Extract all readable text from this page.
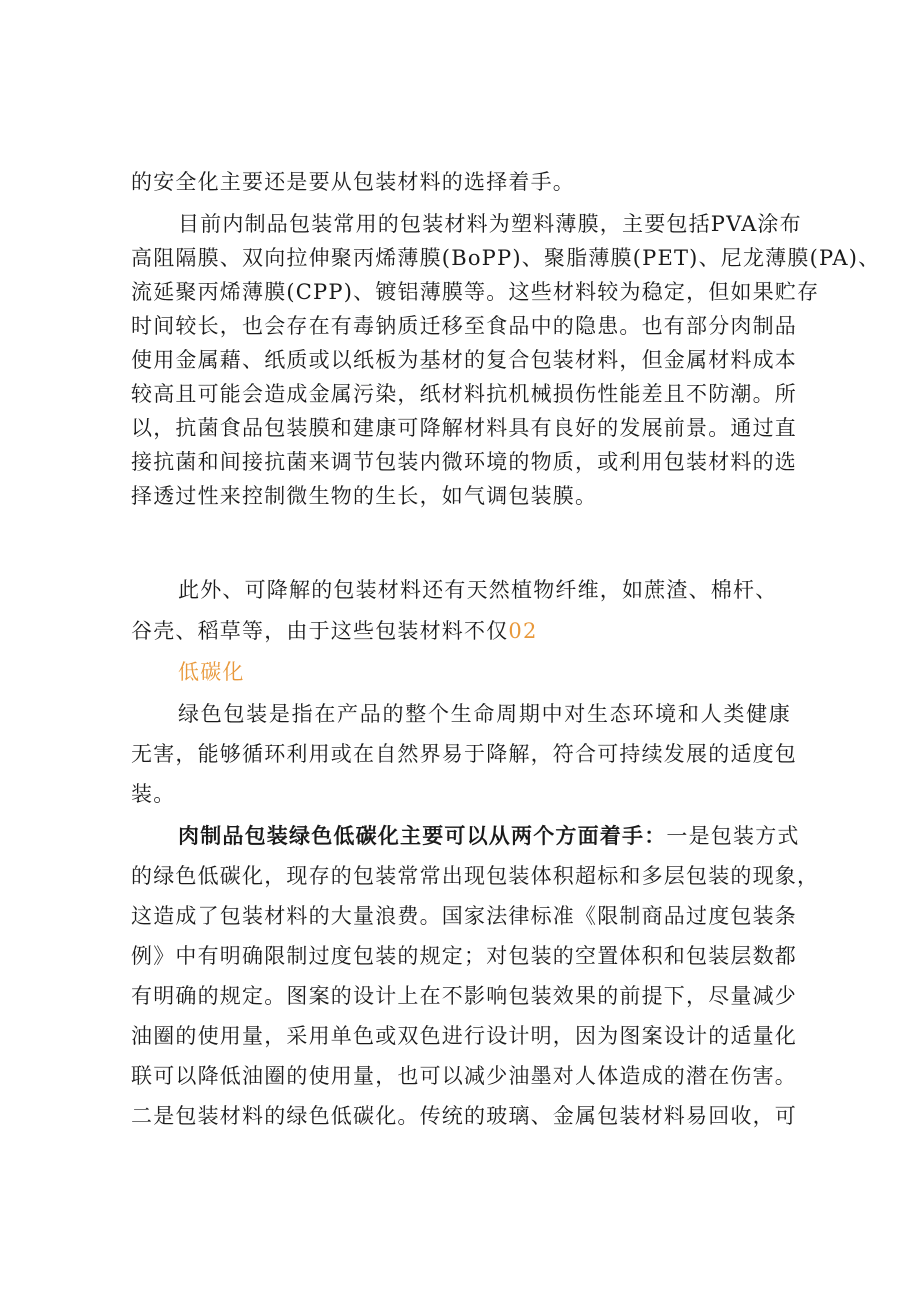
的安全化主要还是要从包装材料的选择着手。
目前内制品包装常用的包装材料为塑料薄膜，主要包括PVA涂布
高阻隔膜、双向拉伸聚丙烯薄膜(BoPP)、聚脂薄膜(PET)、尼龙薄膜(PA)、
流延聚丙烯薄膜(CPP)、镀铝薄膜等。这些材料较为稳定，但如果贮存
时间较长，也会存在有毒钠质迁移至食品中的隐患。也有部分肉制品
使用金属藉、纸质或以纸板为基材的复合包装材料，但金属材料成本
较高且可能会造成金属污染，纸材料抗机械损伤性能差且不防潮。所
以，抗菌食品包装膜和建康可降解材料具有良好的发展前景。通过直
接抗菌和间接抗菌来调节包装内微环境的物质，或利用包装材料的选
择透过性来控制微生物的生长，如气调包装膜。
此外、可降解的包装材料还有天然植物纤维，如蔗渣、棉杆、
谷壳、稻草等，由于这些包装材料不仅02
低碳化
绿色包装是指在产品的整个生命周期中对生态环境和人类健康
无害，能够循环利用或在自然界易于降解，符合可持续发展的适度包
装。
肉制品包装绿色低碳化主要可以从两个方面着手：一是包装方式
的绿色低碳化，现存的包装常常出现包装体积超标和多层包装的现象，
这造成了包装材料的大量浪费。国家法律标准《限制商品过度包装条
例》中有明确限制过度包装的规定；对包装的空置体积和包装层数都
有明确的规定。图案的设计上在不影响包装效果的前提下，尽量减少
油圈的使用量，采用单色或双色进行设计明，因为图案设计的适量化
联可以降低油圈的使用量，也可以减少油墨对人体造成的潜在伤害。
二是包装材料的绿色低碳化。传统的玻璃、金属包装材料易回收，可
